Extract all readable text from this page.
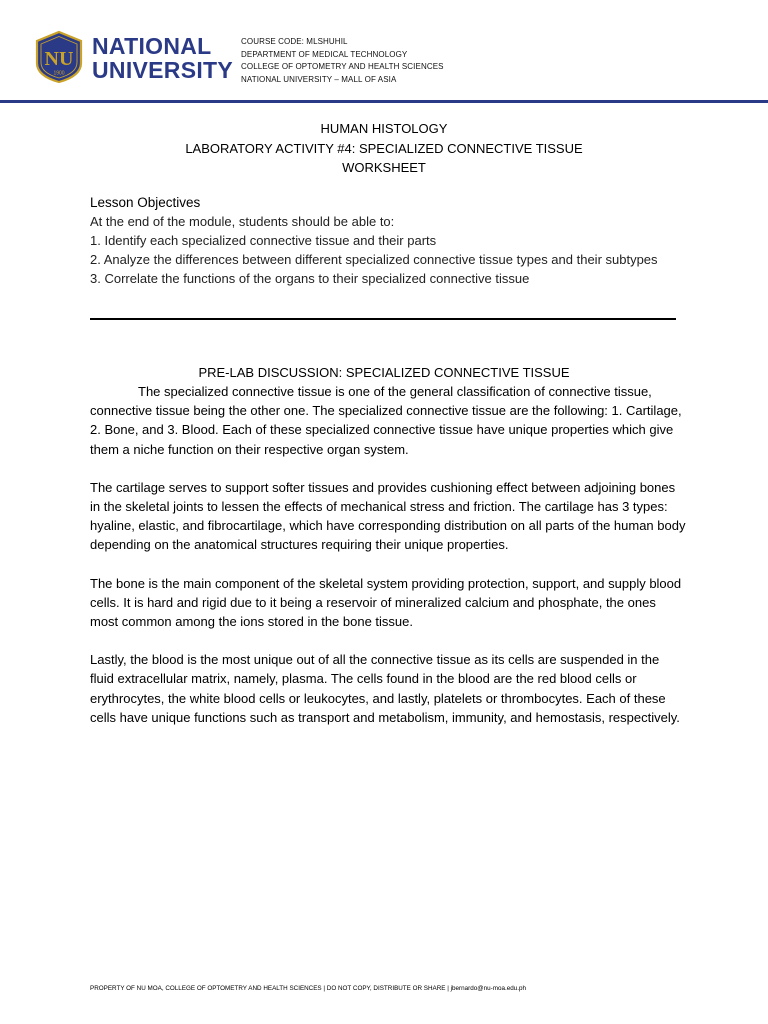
NU
1900
NATIONAL
UNIVERSITY
COURSE CODE: MLSHUHIL
DEPARTMENT OF MEDICAL TECHNOLOGY
COLLEGE OF OPTOMETRY AND HEALTH SCIENCES
NATIONAL UNIVERSITY – MALL OF ASIA
HUMAN HISTOLOGY
LABORATORY ACTIVITY #4: SPECIALIZED CONNECTIVE TISSUE
WORKSHEET
Lesson Objectives
At the end of the module, students should be able to:
1. Identify each specialized connective tissue and their parts
2. Analyze the differences between different specialized connective tissue types and their subtypes
3. Correlate the functions of the organs to their specialized connective tissue
PRE-LAB DISCUSSION: SPECIALIZED CONNECTIVE TISSUE

The specialized connective tissue is one of the general classification of connective tissue, connective tissue being the other one. The specialized connective tissue are the following: 1. Cartilage, 2. Bone, and 3. Blood. Each of these specialized connective tissue have unique properties which give them a niche function on their respective organ system.

The cartilage serves to support softer tissues and provides cushioning effect between adjoining bones in the skeletal joints to lessen the effects of mechanical stress and friction. The cartilage has 3 types: hyaline, elastic, and fibrocartilage, which have corresponding distribution on all parts of the human body depending on the anatomical structures requiring their unique properties.

The bone is the main component of the skeletal system providing protection, support, and supply blood cells. It is hard and rigid due to it being a reservoir of mineralized calcium and phosphate, the ones most common among the ions stored in the bone tissue.

Lastly, the blood is the most unique out of all the connective tissue as its cells are suspended in the fluid extracellular matrix, namely, plasma. The cells found in the blood are the red blood cells or erythrocytes, the white blood cells or leukocytes, and lastly, platelets or thrombocytes. Each of these cells have unique functions such as transport and metabolism, immunity, and hemostasis, respectively.

PROPERTY OF NU MOA, COLLEGE OF OPTOMETRY AND HEALTH SCIENCES | DO NOT COPY, DISTRIBUTE OR SHARE | jbernardo@nu-moa.edu.ph
